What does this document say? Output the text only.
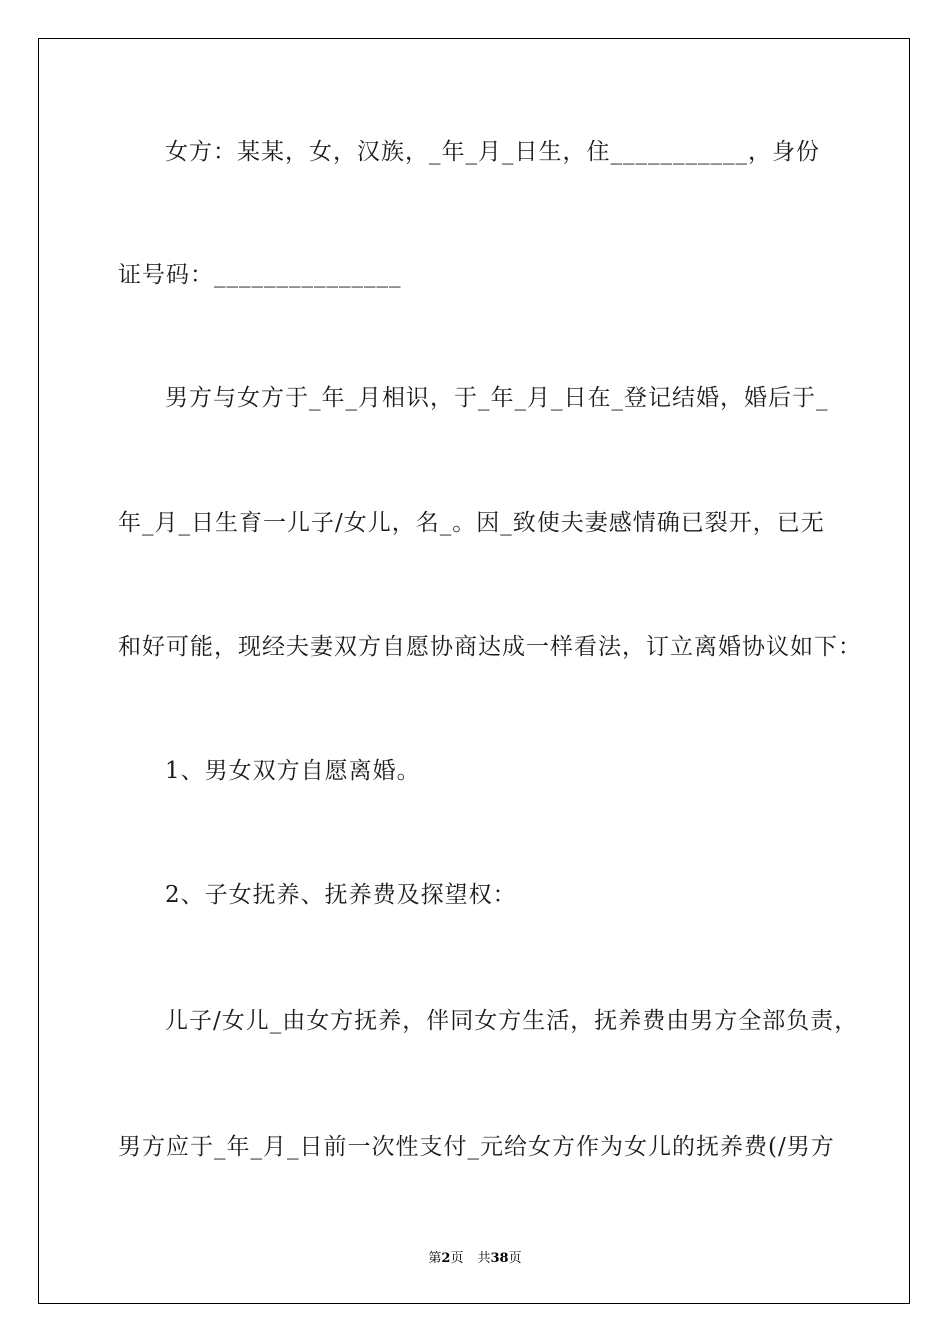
女方：某某，女，汉族，_年_月_日生，住___________，身份
证号码：_______________
男方与女方于_年_月相识，于_年_月_日在_登记结婚，婚后于_
年_月_日生育一儿子/女儿，名_。因_致使夫妻感情确已裂开，已无
和好可能，现经夫妻双方自愿协商达成一样看法，订立离婚协议如下：
1、男女双方自愿离婚。
2、子女抚养、抚养费及探望权：
儿子/女儿_由女方抚养，伴同女方生活，抚养费由男方全部负责，
男方应于_年_月_日前一次性支付_元给女方作为女儿的抚养费(/男方
第2页 共38页
